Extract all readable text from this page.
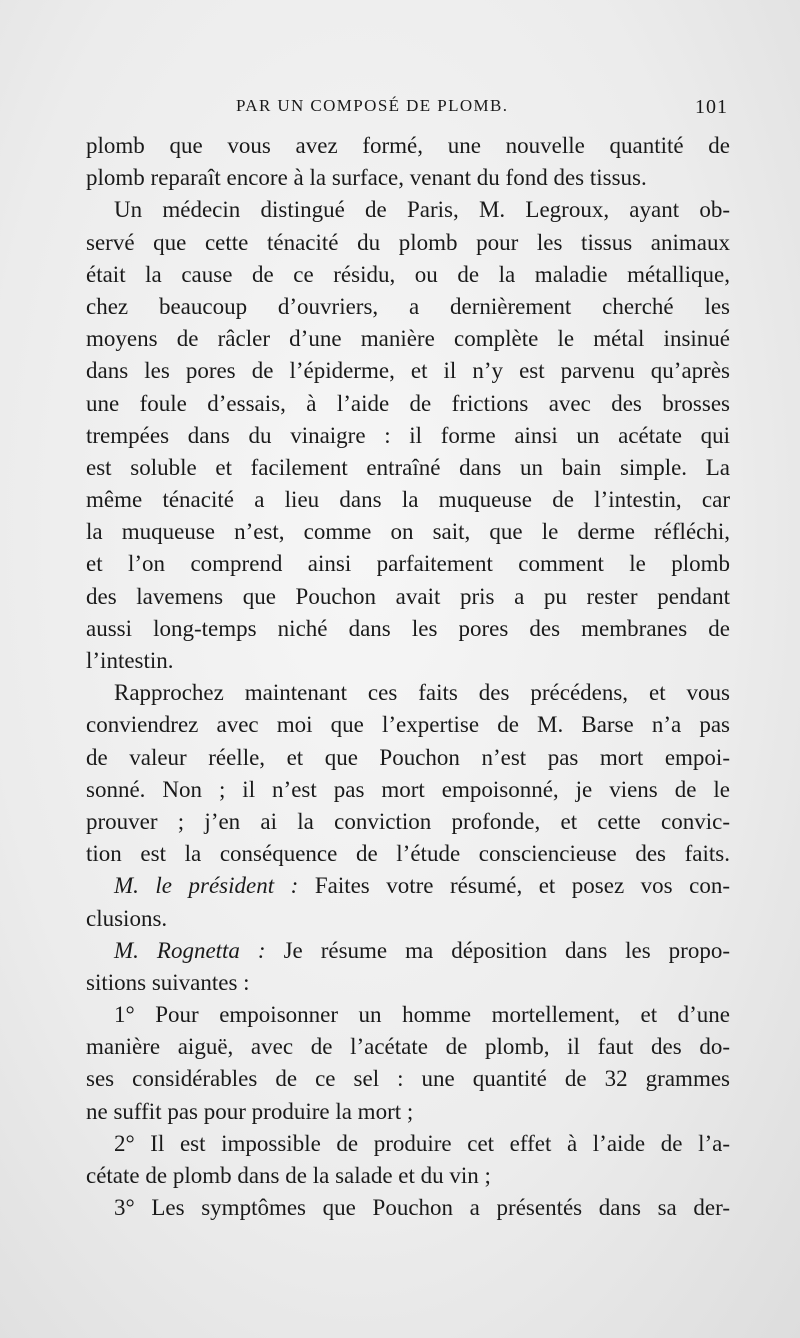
PAR UN COMPOSÉ DE PLOMB.	101
plomb que vous avez formé, une nouvelle quantité de
plomb reparaît encore à la surface, venant du fond des tissus.
Un médecin distingué de Paris, M. Legroux, ayant ob-
servé que cette ténacité du plomb pour les tissus animaux
était la cause de ce résidu, ou de la maladie métallique,
chez beaucoup d’ouvriers, a dernièrement cherché les
moyens de râcler d’une manière complète le métal insinué
dans les pores de l’épiderme, et il n’y est parvenu qu’après
une foule d’essais, à l’aide de frictions avec des brosses
trempées dans du vinaigre : il forme ainsi un acétate qui
est soluble et facilement entraîné dans un bain simple. La
même ténacité a lieu dans la muqueuse de l’intestin, car
la muqueuse n’est, comme on sait, que le derme réfléchi,
et l’on comprend ainsi parfaitement comment le plomb
des lavemens que Pouchon avait pris a pu rester pendant
aussi long-temps niché dans les pores des membranes de
l’intestin.
Rapprochez maintenant ces faits des précédens, et vous
conviendrez avec moi que l’expertise de M. Barse n’a pas
de valeur réelle, et que Pouchon n’est pas mort empoi-
sonné. Non ; il n’est pas mort empoisonné, je viens de le
prouver ; j’en ai la conviction profonde, et cette convic-
tion est la conséquence de l’étude consciencieuse des faits.
M. le président : Faites votre résumé, et posez vos con-
clusions.
M. Rognetta : Je résume ma déposition dans les propo-
sitions suivantes :
1° Pour empoisonner un homme mortellement, et d’une
manière aiguë, avec de l’acétate de plomb, il faut des do-
ses considérables de ce sel : une quantité de 32 grammes
ne suffit pas pour produire la mort ;
2° Il est impossible de produire cet effet à l’aide de l’a-
cétate de plomb dans de la salade et du vin ;
3° Les symptômes que Pouchon a présentés dans sa der-
